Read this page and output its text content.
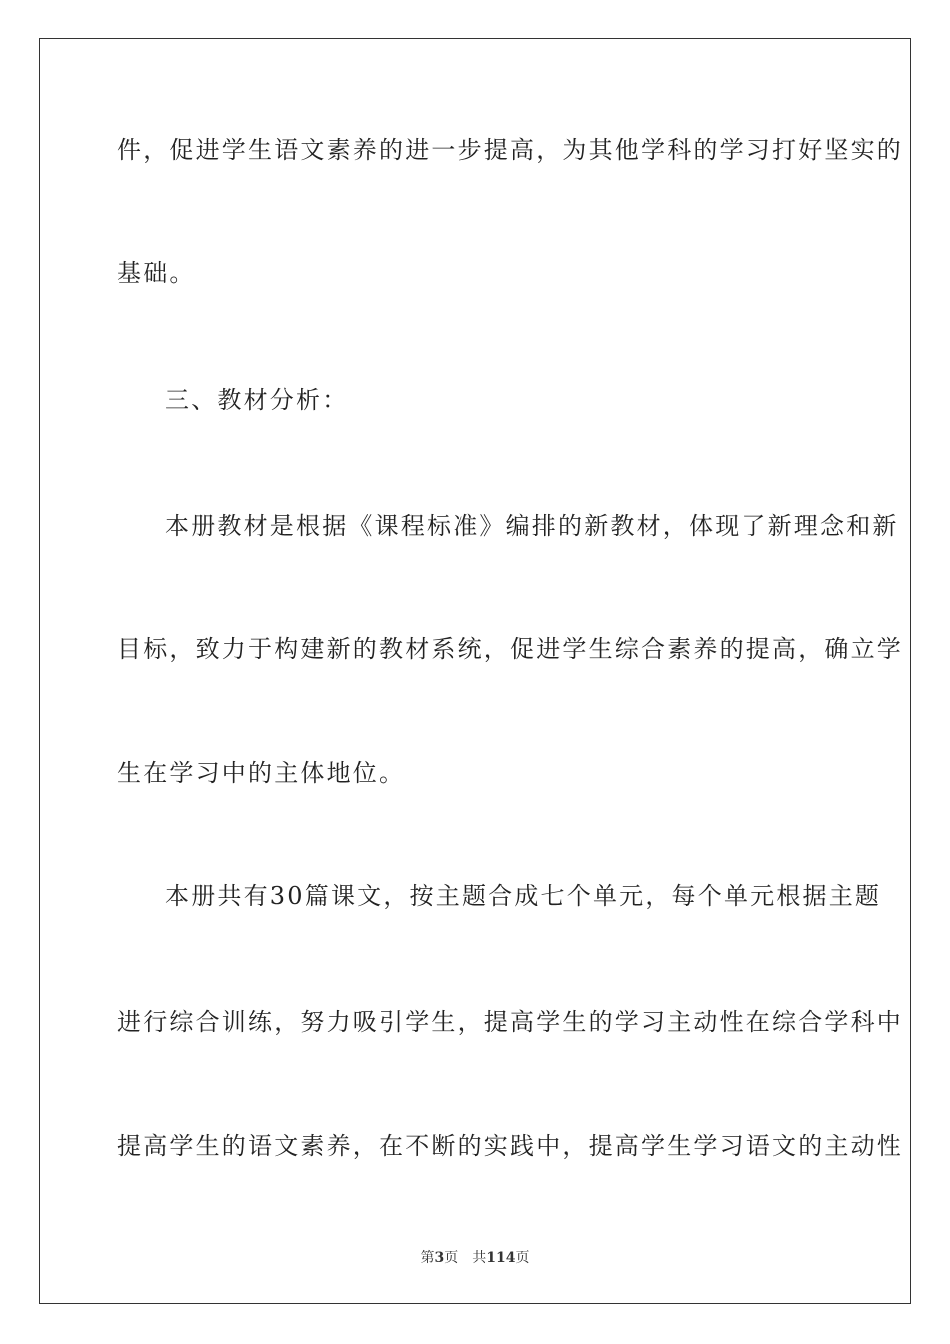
件，促进学生语文素养的进一步提高，为其他学科的学习打好坚实的

基础。

三、教材分析：

本册教材是根据《课程标准》编排的新教材，体现了新理念和新

目标，致力于构建新的教材系统，促进学生综合素养的提高，确立学

生在学习中的主体地位。

本册共有30篇课文，按主题合成七个单元，每个单元根据主题

进行综合训练，努力吸引学生，提高学生的学习主动性在综合学科中

提高学生的语文素养，在不断的实践中，提高学生学习语文的主动性

第3页　共114页
